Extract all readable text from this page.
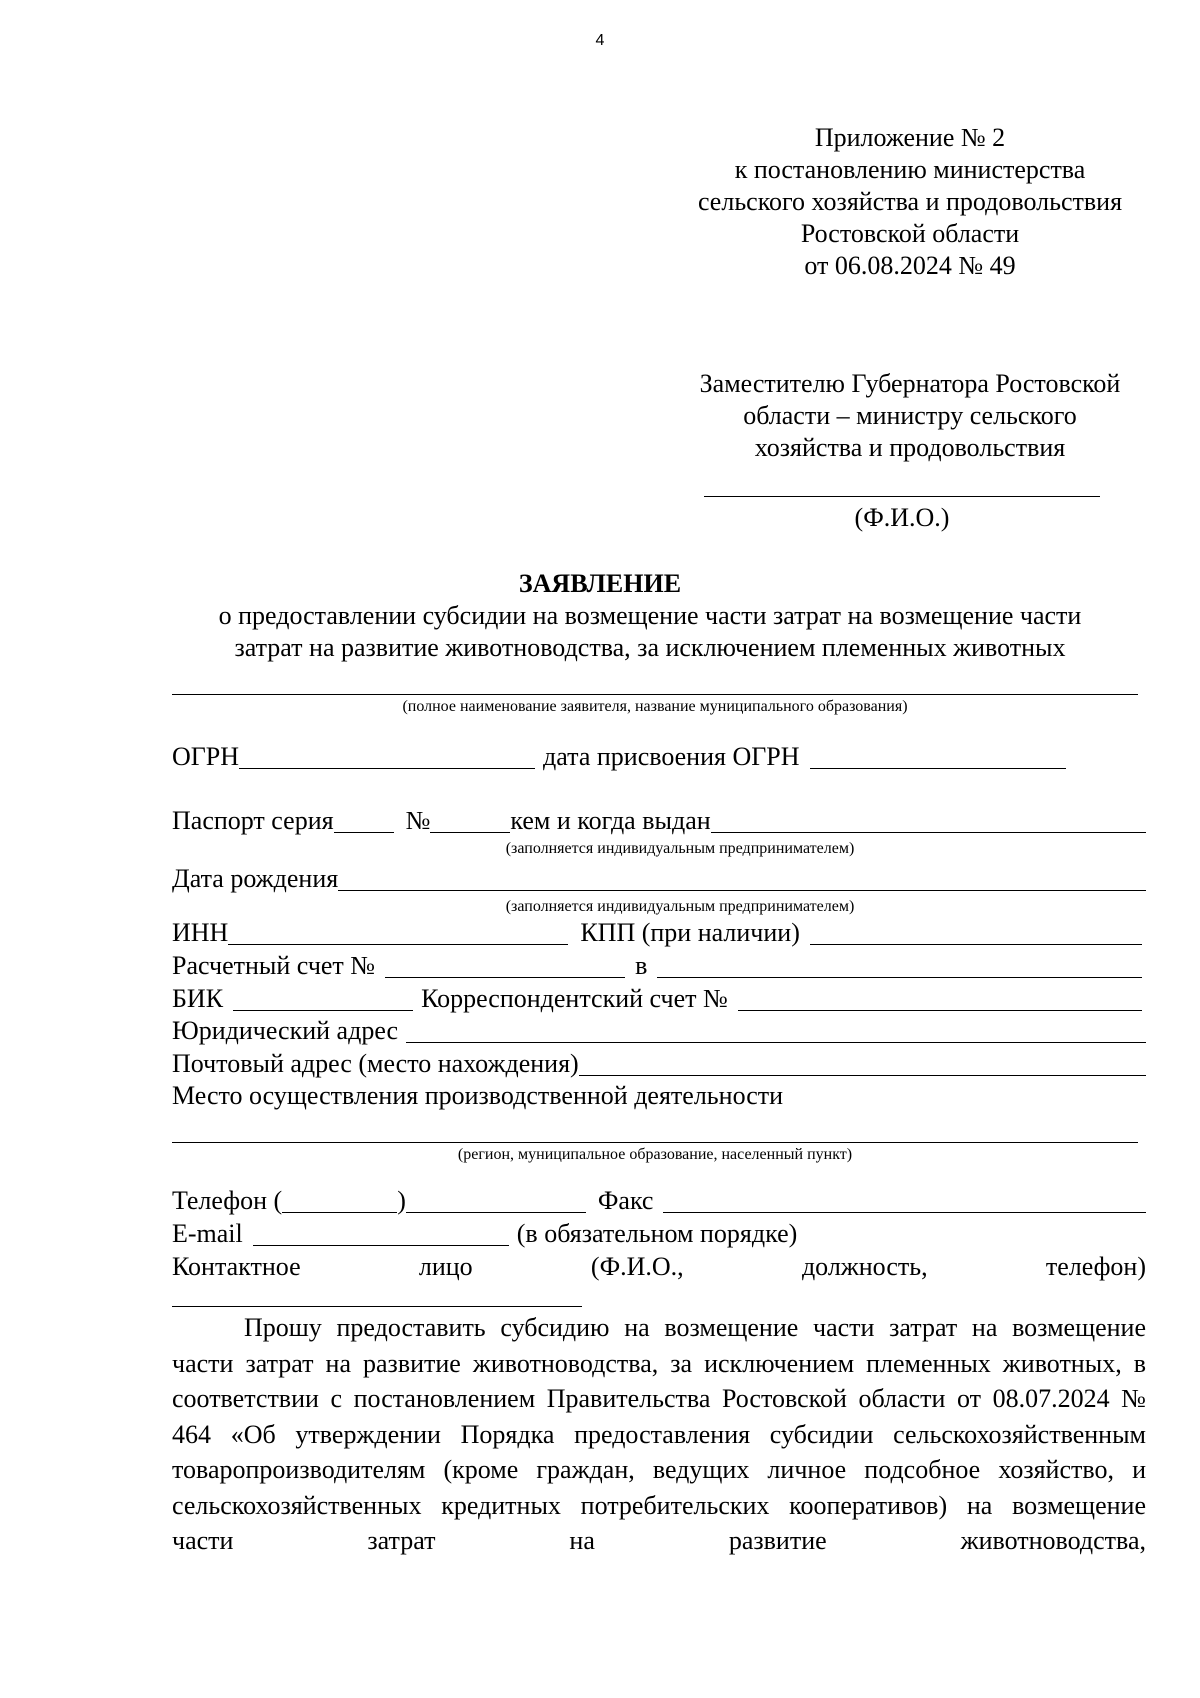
4
Приложение № 2
к постановлению министерства
сельского хозяйства и продовольствия
Ростовской области
от 06.08.2024 № 49
Заместителю Губернатора Ростовской
области – министру сельского
хозяйства и продовольствия
(Ф.И.О.)
ЗАЯВЛЕНИЕ
о предоставлении субсидии на возмещение части затрат на возмещение части
затрат на развитие животноводства, за исключением племенных животных
(полное наименование заявителя, название муниципального образования)
ОГРН	дата присвоения ОГРН
Паспорт серия	№	кем и когда выдан
(заполняется индивидуальным предпринимателем)
Дата рождения
(заполняется индивидуальным предпринимателем)
ИНН	КПП (при наличии)
Расчетный счет №	в
БИК	Корреспондентский счет №
Юридический адрес
Почтовый адрес (место нахождения)
Место осуществления производственной деятельности
(регион, муниципальное образование, населенный пункт)
Телефон (	)	Факс
E-mail	(в обязательном порядке)
Контактное	лицо	(Ф.И.О.,	должность,	телефон)
Прошу предоставить субсидию на возмещение части затрат на возмещение части затрат на развитие животноводства, за исключением племенных животных, в соответствии с постановлением Правительства Ростовской области от 08.07.2024 № 464 «Об утверждении Порядка предоставления субсидии сельскохозяйственным товаропроизводителям (кроме граждан, ведущих личное подсобное хозяйство, и сельскохозяйственных кредитных потребительских кооперативов) на возмещение части затрат на развитие животноводства,
